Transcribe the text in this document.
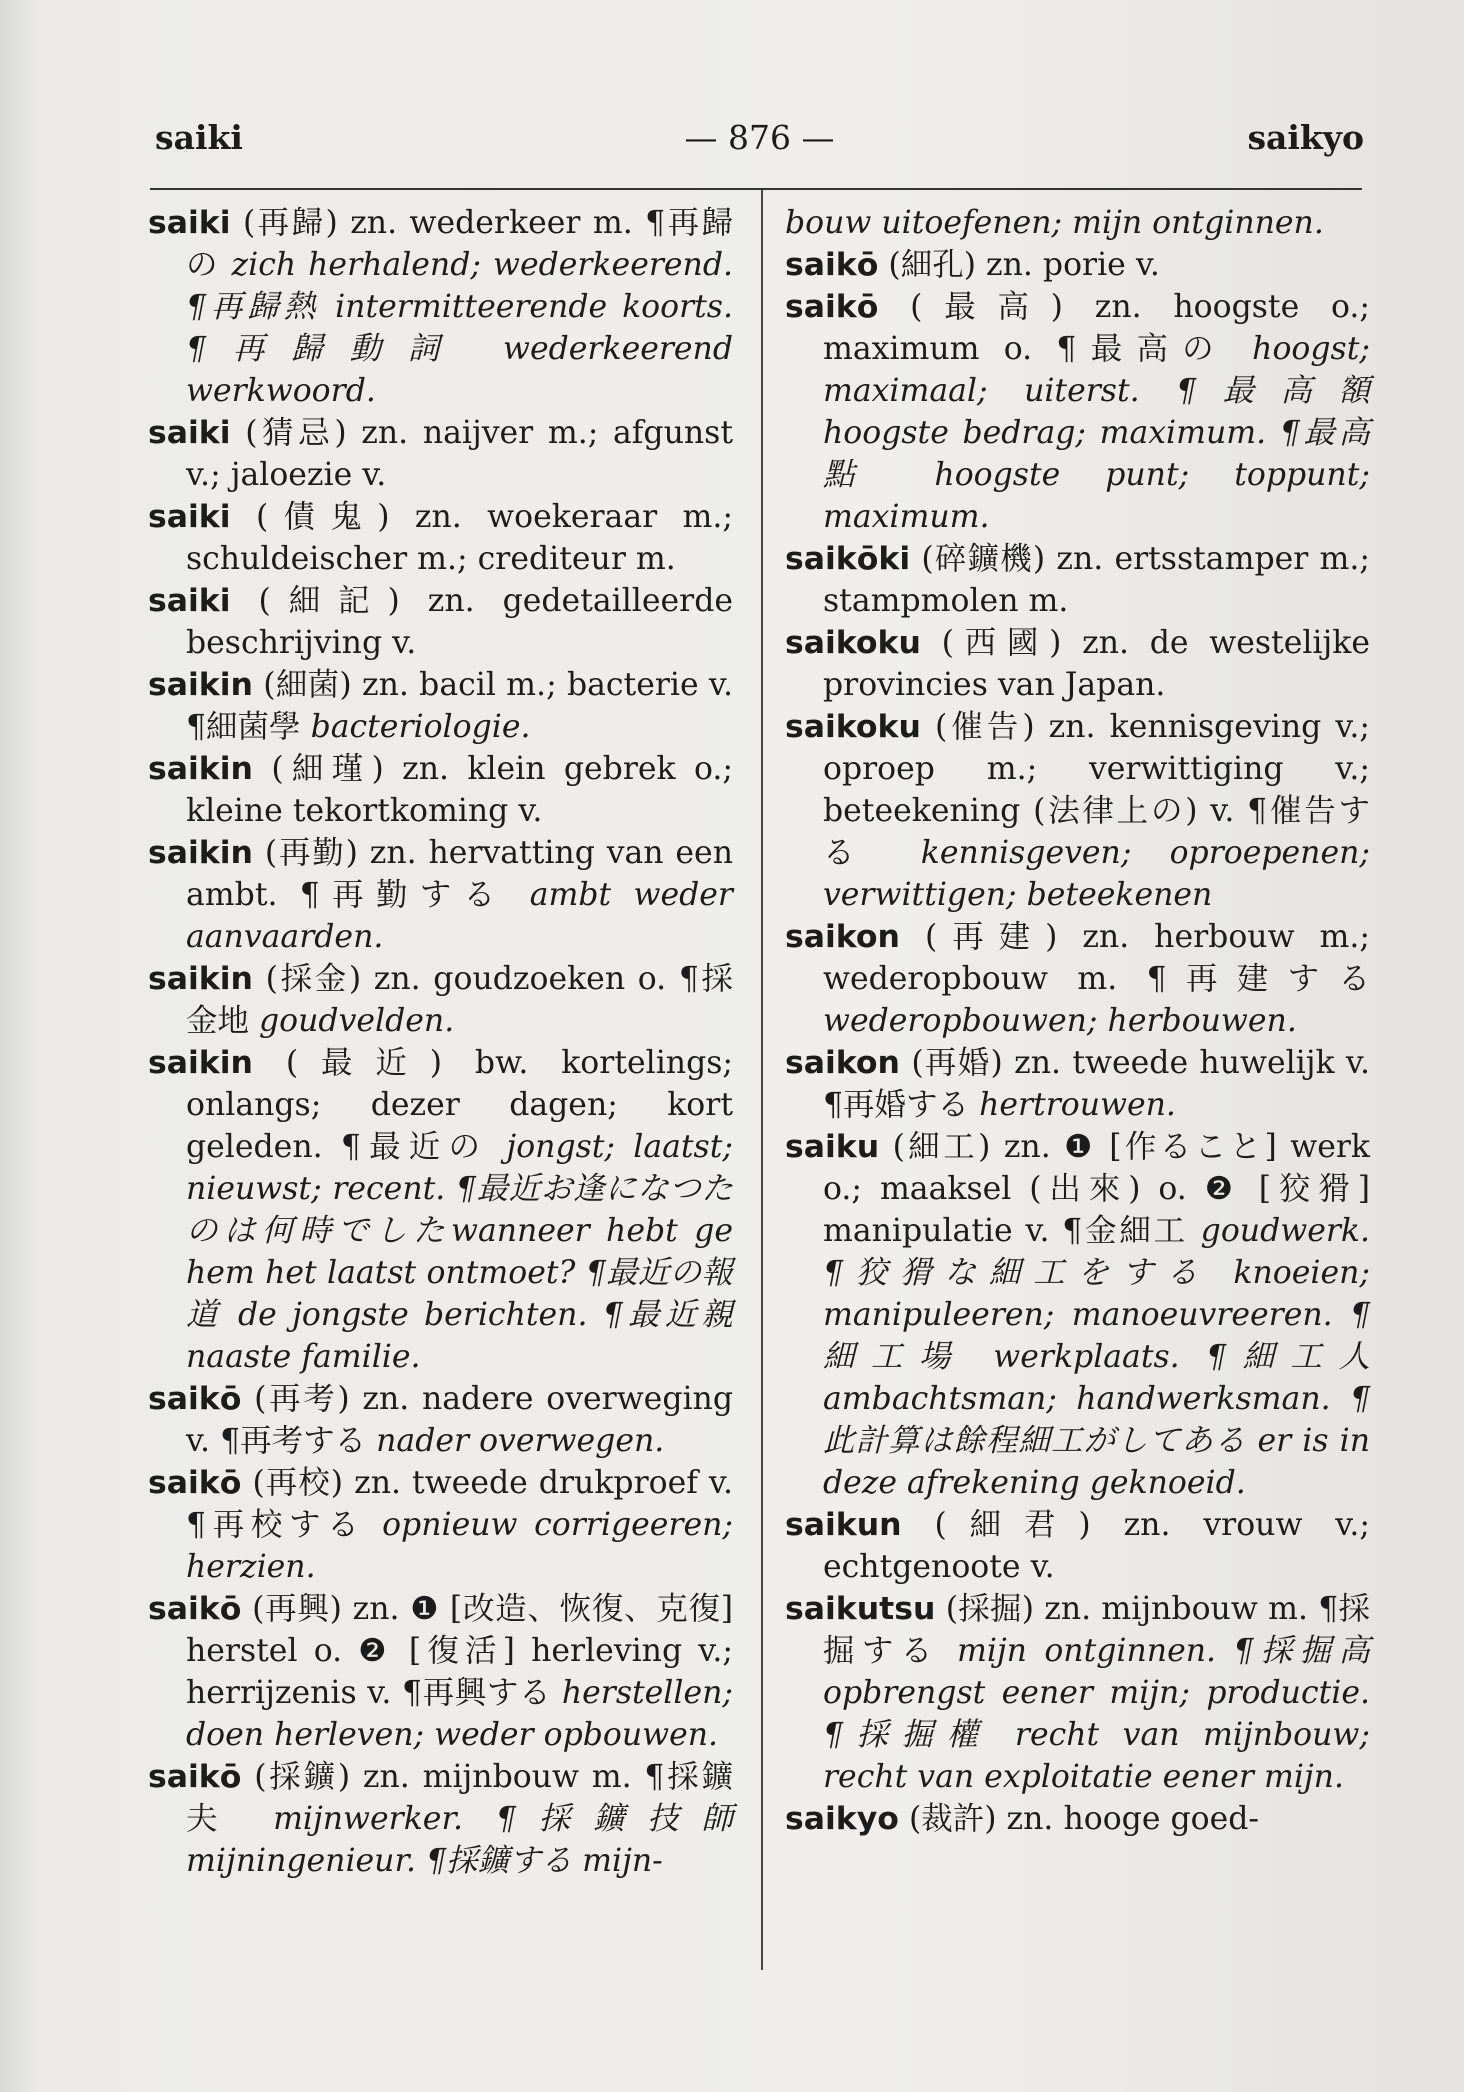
saiki	— 876 —	saikyo
saiki (再歸) zn. wederkeer m. ¶再歸の zich herhalend; wederkeerend. ¶再歸熱 intermitteerende koorts. ¶再歸動詞 wederkeerend werkwoord.
saiki (猜忌) zn. naijver m.; afgunst v.; jaloezie v.
saiki (債鬼) zn. woekeraar m.; schuldeischer m.; crediteur m.
saiki (細記) zn. gedetailleerde beschrijving v.
saikin (細菌) zn. bacil m.; bacterie v. ¶細菌學 bacteriologie.
saikin (細瑾) zn. klein gebrek o.; kleine tekortkoming v.
saikin (再勤) zn. hervatting van een ambt. ¶再勤する ambt weder aanvaarden.
saikin (採金) zn. goudzoeken o. ¶採金地 goudvelden.
saikin (最近) bw. kortelings; onlangs; dezer dagen; kort geleden. ¶最近の jongst; laatst; nieuwst; recent. ¶最近お逢になつたのは何時でしたwanneer hebt ge hem het laatst ontmoet? ¶最近の報道 de jongste berichten. ¶最近親 naaste familie.
saikō (再考) zn. nadere overweging v. ¶再考する nader overwegen.
saikō (再校) zn. tweede drukproef v. ¶再校する opnieuw corrigeeren; herzien.
saikō (再興) zn. ❶ [改造、恢復、克復] herstel o. ❷ [復活] herleving v.; herrijzenis v. ¶再興する herstellen; doen herleven; weder opbouwen.
saikō (採鑛) zn. mijnbouw m. ¶採鑛夫 mijnwerker. ¶採鑛技師 mijningenieur. ¶採鑛する mijn-
bouw uitoefenen; mijn ontginnen.
saikō (細孔) zn. porie v.
saikō (最高) zn. hoogste o.; maximum o. ¶最高の hoogst; maximaal; uiterst. ¶最高額 hoogste bedrag; maximum. ¶最高點 hoogste punt; toppunt; maximum.
saikōki (碎鑛機) zn. ertsstamper m.; stampmolen m.
saikoku (西國) zn. de westelijke provincies van Japan.
saikoku (催告) zn. kennisgeving v.; oproep m.; verwittiging v.; beteekening (法律上の) v. ¶催告する kennisgeven; oproepenen; verwittigen; beteekenen
saikon (再建) zn. herbouw m.; wederopbouw m. ¶再建する wederopbouwen; herbouwen.
saikon (再婚) zn. tweede huwelijk v. ¶再婚する hertrouwen.
saiku (細工) zn. ❶ [作ること] werk o.; maaksel (出來) o. ❷ [狡猾] manipulatie v. ¶金細工 goudwerk. ¶狡猾な細工をする knoeien; manipuleeren; manoeuvreeren. ¶細工場 werkplaats. ¶細工人 ambachtsman; handwerksman. ¶此計算は餘程細工がしてある er is in deze afrekening geknoeid.
saikun (細君) zn. vrouw v.; echtgenoote v.
saikutsu (採掘) zn. mijnbouw m. ¶採掘する mijn ontginnen. ¶採掘高 opbrengst eener mijn; productie. ¶採掘權 recht van mijnbouw; recht van exploitatie eener mijn.
saikyo (裁許) zn. hooge goed-
